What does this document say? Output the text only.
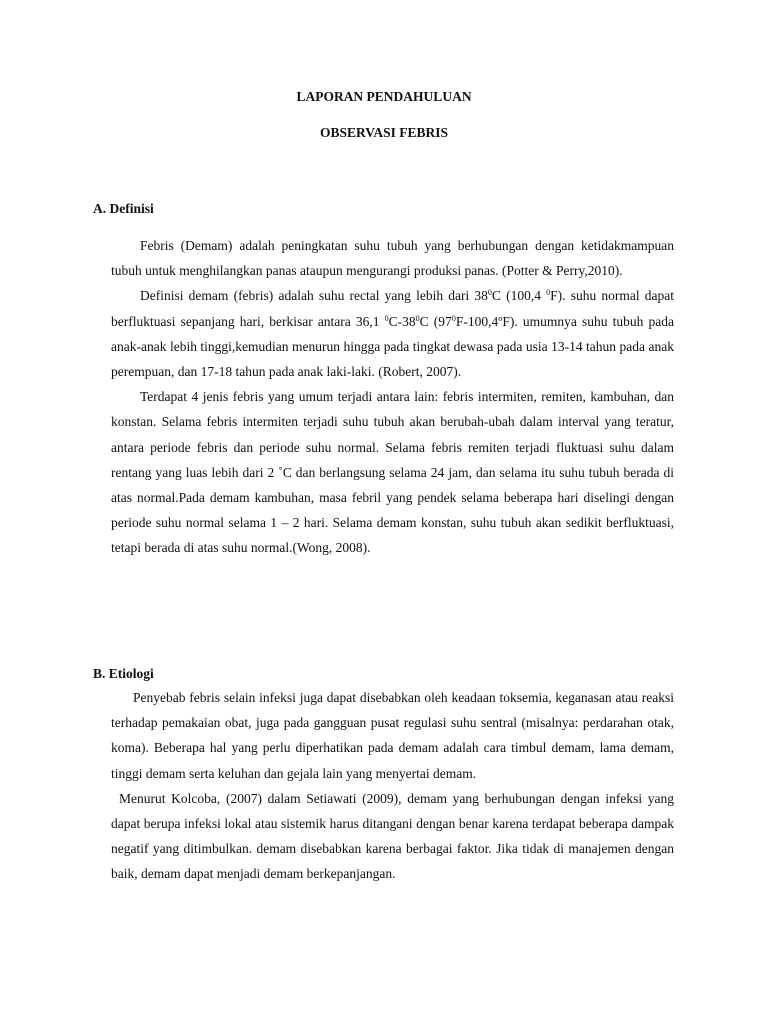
LAPORAN PENDAHULUAN
OBSERVASI FEBRIS
A. Definisi

Febris (Demam) adalah peningkatan suhu tubuh yang berhubungan dengan ketidakmampuan tubuh untuk menghilangkan panas ataupun mengurangi produksi panas. (Potter & Perry,2010).

Definisi demam (febris) adalah suhu rectal yang lebih dari $38^0C$ (100,4 $^0$F). suhu normal dapat berfluktuasi sepanjang hari, berkisar antara 36,1 $^0C-38^0C$ $(97^0F-100,4ºF)$. umumnya suhu tubuh pada anak-anak lebih tinggi,kemudian menurun hingga pada tingkat dewasa pada usia 13-14 tahun pada anak perempuan, dan 17-18 tahun pada anak laki-laki. (Robert, 2007).

Terdapat 4 jenis febris yang umum terjadi antara lain: febris intermiten, remiten, kambuhan, dan konstan. Selama febris intermiten terjadi suhu tubuh akan berubah-ubah dalam interval yang teratur, antara periode febris dan periode suhu normal. Selama febris remiten terjadi fluktuasi suhu dalam rentang yang luas lebih dari 2 ˚C dan berlangsung selama 24 jam, dan selama itu suhu tubuh berada di atas normal.Pada demam kambuhan, masa febril yang pendek selama beberapa hari diselingi dengan periode suhu normal selama 1 – 2 hari. Selama demam konstan, suhu tubuh akan sedikit berfluktuasi, tetapi berada di atas suhu normal.(Wong, 2008).

B. Etiologi

Penyebab febris selain infeksi juga dapat disebabkan oleh keadaan toksemia, keganasan atau reaksi terhadap pemakaian obat, juga pada gangguan pusat regulasi suhu sentral (misalnya: perdarahan otak, koma). Beberapa hal yang perlu diperhatikan pada demam adalah cara timbul demam, lama demam, tinggi demam serta keluhan dan gejala lain yang menyertai demam.

Menurut Kolcoba, (2007) dalam Setiawati (2009), demam yang berhubungan dengan infeksi yang dapat berupa infeksi lokal atau sistemik harus ditangani dengan benar karena terdapat beberapa dampak negatif yang ditimbulkan. demam disebabkan karena berbagai faktor. Jika tidak di manajemen dengan baik, demam dapat menjadi demam berkepanjangan.
